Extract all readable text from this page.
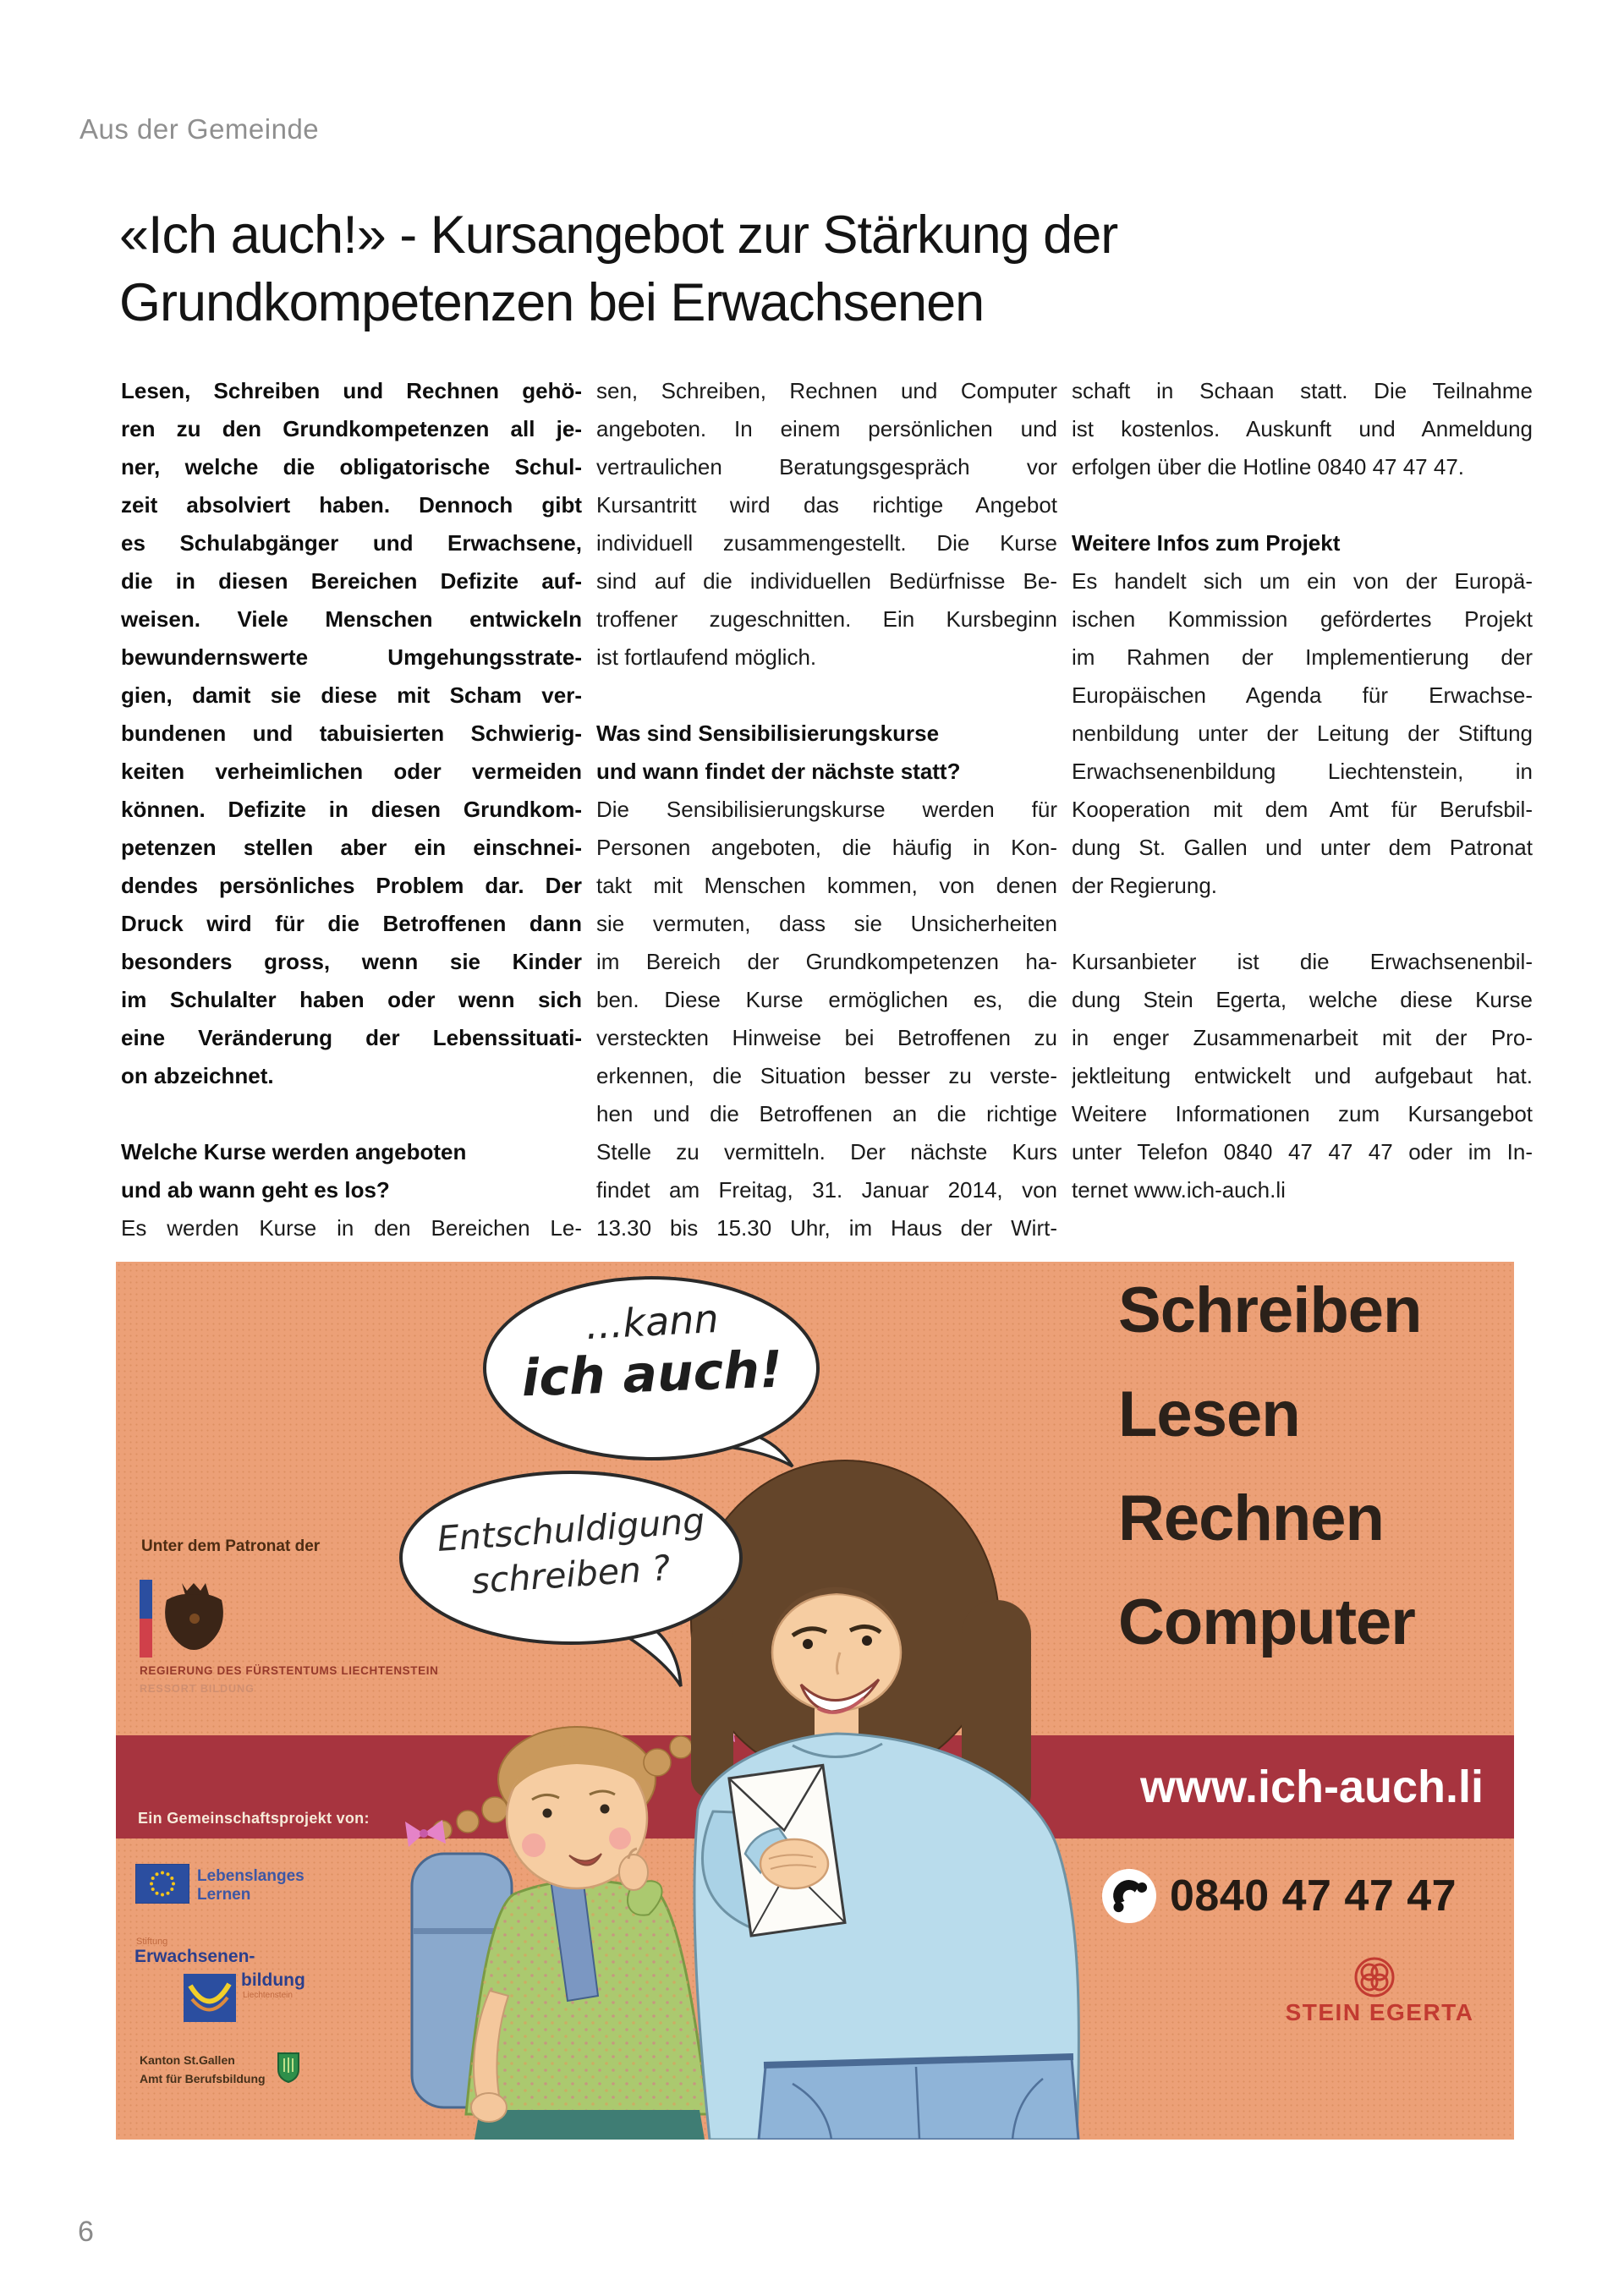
Aus der Gemeinde
«Ich auch!» - Kursangebot zur Stärkung der
Grundkompetenzen bei Erwachsenen
Lesen, Schreiben und Rechnen gehö-
ren zu den Grundkompetenzen all je-
ner, welche die obligatorische Schul-
zeit absolviert haben. Dennoch gibt
es Schulabgänger und Erwachsene,
die in diesen Bereichen Defizite auf-
weisen. Viele Menschen entwickeln
bewundernswerte Umgehungsstrate-
gien, damit sie diese mit Scham ver-
bundenen und tabuisierten Schwierig-
keiten verheimlichen oder vermeiden
können. Defizite in diesen Grundkom-
petenzen stellen aber ein einschnei-
dendes persönliches Problem dar. Der
Druck wird für die Betroffenen dann
besonders gross, wenn sie Kinder
im Schulalter haben oder wenn sich
eine Veränderung der Lebenssituati-
on abzeichnet.
Welche Kurse werden angeboten
und ab wann geht es los?
Es werden Kurse in den Bereichen Le-
sen, Schreiben, Rechnen und Computer
angeboten. In einem persönlichen und
vertraulichen Beratungsgespräch vor
Kursantritt wird das richtige Angebot
individuell zusammengestellt. Die Kurse
sind auf die individuellen Bedürfnisse Be-
troffener zugeschnitten. Ein Kursbeginn
ist fortlaufend möglich.
Was sind Sensibilisierungskurse
und wann findet der nächste statt?
Die Sensibilisierungskurse werden für
Personen angeboten, die häufig in Kon-
takt mit Menschen kommen, von denen
sie vermuten, dass sie Unsicherheiten
im Bereich der Grundkompetenzen ha-
ben. Diese Kurse ermöglichen es, die
versteckten Hinweise bei Betroffenen zu
erkennen, die Situation besser zu verste-
hen und die Betroffenen an die richtige
Stelle zu vermitteln. Der nächste Kurs
findet am Freitag, 31. Januar 2014, von
13.30 bis 15.30 Uhr, im Haus der Wirt-
schaft in Schaan statt. Die Teilnahme
ist kostenlos. Auskunft und Anmeldung
erfolgen über die Hotline 0840 47 47 47.
Weitere Infos zum Projekt
Es handelt sich um ein von der Europä-
ischen Kommission gefördertes Projekt
im Rahmen der Implementierung der
Europäischen Agenda für Erwachse-
nenbildung unter der Leitung der Stiftung
Erwachsenenbildung Liechtenstein, in
Kooperation mit dem Amt für Berufsbil-
dung St. Gallen und unter dem Patronat
der Regierung.
Kursanbieter ist die Erwachsenenbil-
dung Stein Egerta, welche diese Kurse
in enger Zusammenarbeit mit der Pro-
jektleitung entwickelt und aufgebaut hat.
Weitere Informationen zum Kursangebot
unter Telefon 0840 47 47 47 oder im In-
ternet www.ich-auch.li
...kann
ich auch!
Entschuldigung
schreiben ?
Schreiben
Lesen
Rechnen
Computer
www.ich-auch.li
Ein Gemeinschaftsprojekt von:
Unter dem Patronat der
REGIERUNG DES FÜRSTENTUMS LIECHTENSTEIN
RESSORT BILDUNG
Lebenslanges
Lernen
Stiftung
Erwachsenen-
bildung
Liechtenstein
Kanton St.Gallen
Amt für Berufsbildung
0840 47 47 47
STEIN EGERTA
6
